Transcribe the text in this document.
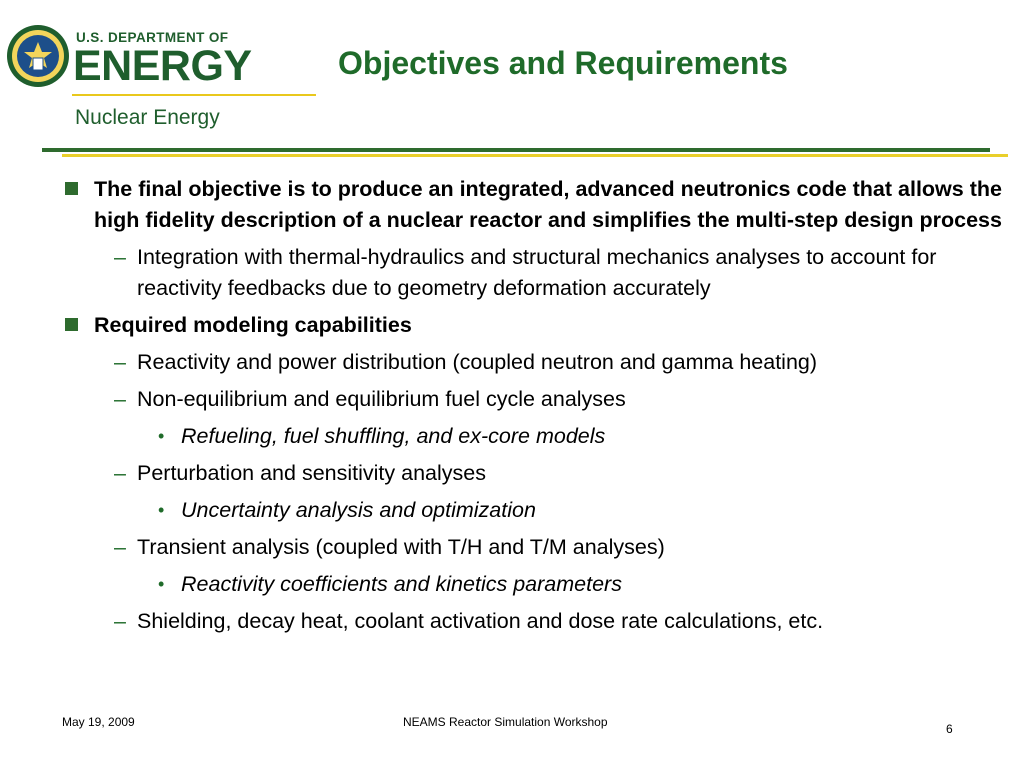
U.S. DEPARTMENT OF
ENERGY
Nuclear Energy
Objectives and Requirements
The final objective is to produce an integrated, advanced neutronics code that allows the high fidelity description of a nuclear reactor and simplifies the multi-step design process
– Integration with thermal-hydraulics and structural mechanics analyses to account for reactivity feedbacks due to geometry deformation accurately
Required modeling capabilities
– Reactivity and power distribution (coupled neutron and gamma heating)
– Non-equilibrium and equilibrium fuel cycle analyses
• Refueling, fuel shuffling, and ex-core models
– Perturbation and sensitivity analyses
• Uncertainty analysis and optimization
– Transient analysis (coupled with T/H and T/M analyses)
• Reactivity coefficients and kinetics parameters
– Shielding, decay heat, coolant activation and dose rate calculations, etc.
May 19, 2009	NEAMS Reactor Simulation Workshop	6
